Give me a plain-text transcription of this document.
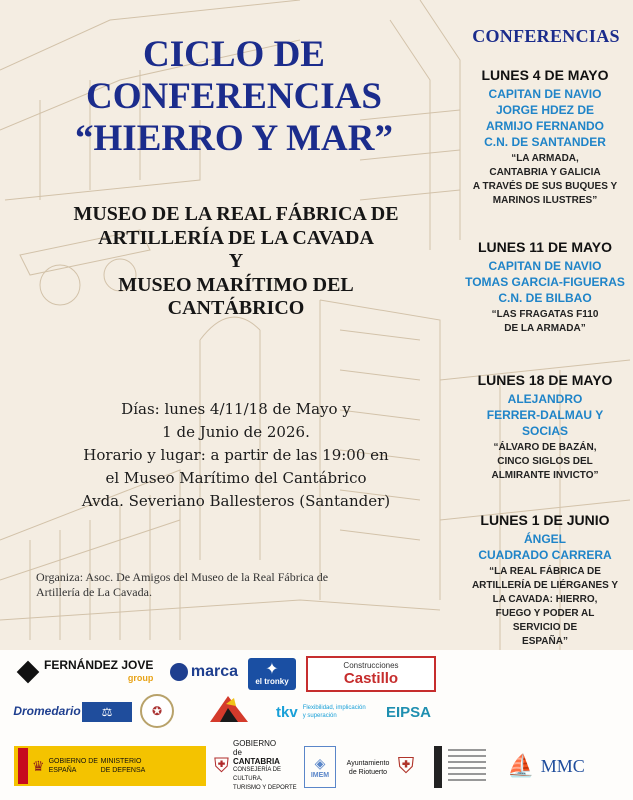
CICLO DE
CONFERENCIAS
“HIERRO Y MAR”
MUSEO DE LA REAL FÁBRICA DE
ARTILLERÍA DE LA CAVADA
Y
MUSEO MARÍTIMO DEL
CANTÁBRICO
Días: lunes 4/11/18 de Mayo y
1 de Junio de 2026.
Horario y lugar: a partir de las 19:00 en
el Museo Marítimo del Cantábrico
Avda. Severiano Ballesteros (Santander)
Organiza: Asoc. De Amigos del Museo de la Real Fábrica de
Artillería de La Cavada.
CONFERENCIAS
LUNES 4 DE MAYO
CAPITAN DE NAVIO
JORGE HDEZ DE
ARMIJO FERNANDO
C.N. DE SANTANDER
“LA ARMADA,
CANTABRIA Y GALICIA
A TRAVÉS DE SUS BUQUES Y
MARINOS ILUSTRES”
LUNES 11 DE MAYO
CAPITAN DE NAVIO
TOMAS GARCIA-FIGUERAS
C.N. DE BILBAO
“LAS FRAGATAS F110
DE LA ARMADA”
LUNES 18 DE MAYO
ALEJANDRO
FERRER-DALMAU Y
SOCIAS
“ÁLVARO DE BAZÁN,
CINCO SIGLOS DEL
ALMIRANTE INVICTO”
LUNES 1 DE JUNIO
ÁNGEL
CUADRADO CARRERA
“LA REAL FÁBRICA DE
ARTILLERÍA DE LIÉRGANES Y
LA CAVADA: HIERRO,
FUEGO Y PODER AL
SERVICIO DE
ESPAÑA”
FERNÁNDEZ JOVE
group marca ✦
el tronky
Construcciones
Castillo
Dromedario ⚖	✪	tkv Flexibilidad, implicación
y superación	EIPSA
♛ GOBIERNO DE ESPAÑA
MINISTERIO DE DEFENSA	⛨
GOBIERNO
de
CANTABRIA
CONSEJERÍA DE CULTURA,
TURISMO Y DEPORTE
◈
IMEM
Ayuntamiento
de Riotuerto ⛨	⛵ MMC
